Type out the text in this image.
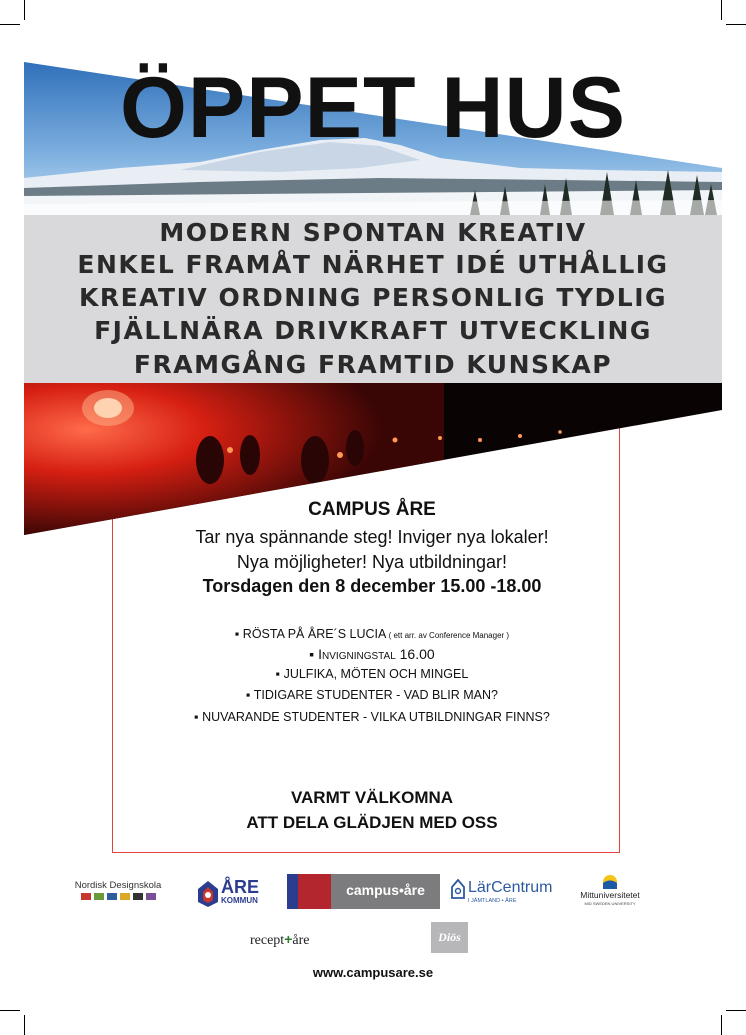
ÖPPET HUS
MODERN SPONTAN KREATIV
ENKEL FRAMÅT NÄRHET IDÉ UTHÅLLIG
KREATIV ORDNING PERSONLIG TYDLIG
FJÄLLNÄRA DRIVKRAFT UTVECKLING
FRAMGÅNG FRAMTID KUNSKAP
CAMPUS ÅRE
Tar nya spännande steg! Inviger nya lokaler!
Nya möjligheter! Nya utbildningar!
Torsdagen den 8 december 15.00 -18.00
▪ RÖSTA PÅ ÅRE´S LUCIA ( ett arr. av Conference Manager )
▪ Invigningstal 16.00
▪ JULFIKA, MÖTEN OCH MINGEL
▪ TIDIGARE STUDENTER - VAD BLIR MAN?
▪ NUVARANDE STUDENTER - VILKA UTBILDNINGAR FINNS?
VARMT VÄLKOMNA
ATT DELA GLÄDJEN MED OSS
Nordisk Designskola	ÅRE
KOMMUN
campus•åre	LärCentrum
I JÄMTLAND • ÅRE
Mittuniversitetet
MID SWEDEN UNIVERSITY
recept+åre	Diös
www.campusare.se
